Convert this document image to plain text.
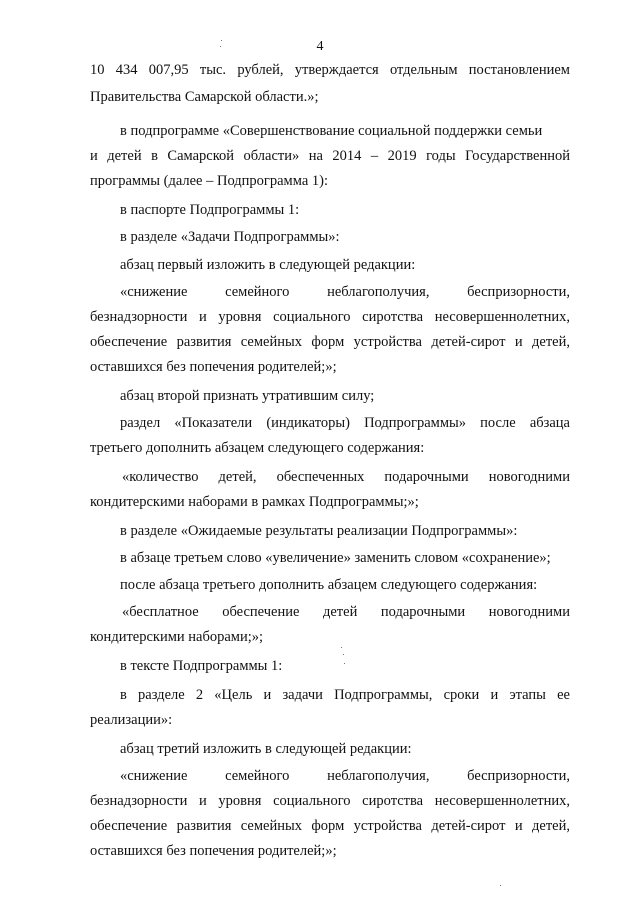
4
10 434 007,95 тыс. рублей, утверждается отдельным постановлением
Правительства Самарской области.»;
в подпрограмме «Совершенствование социальной поддержки семьи
и детей в Самарской области» на 2014 – 2019 годы Государственной
программы (далее – Подпрограмма 1):
в паспорте Подпрограммы 1:
в разделе «Задачи Подпрограммы»:
абзац первый изложить в следующей редакции:
«снижение семейного неблагополучия, беспризорности,
безнадзорности и уровня социального сиротства несовершеннолетних,
обеспечение развития семейных форм устройства детей-сирот и детей,
оставшихся без попечения родителей;»;
абзац второй признать утратившим силу;
раздел «Показатели (индикаторы) Подпрограммы» после абзаца
третьего дополнить абзацем следующего содержания:
«количество детей, обеспеченных подарочными новогодними
кондитерскими наборами в рамках Подпрограммы;»;
в разделе «Ожидаемые результаты реализации Подпрограммы»:
в абзаце третьем слово «увеличение» заменить словом «сохранение»;
после абзаца третьего дополнить абзацем следующего содержания:
«бесплатное обеспечение детей подарочными новогодними
кондитерскими наборами;»;
в тексте Подпрограммы 1:
в разделе 2 «Цель и задачи Подпрограммы, сроки и этапы ее
реализации»:
абзац третий изложить в следующей редакции:
«снижение семейного неблагополучия, беспризорности,
безнадзорности и уровня социального сиротства несовершеннолетних,
обеспечение развития семейных форм устройства детей-сирот и детей,
оставшихся без попечения родителей;»;
